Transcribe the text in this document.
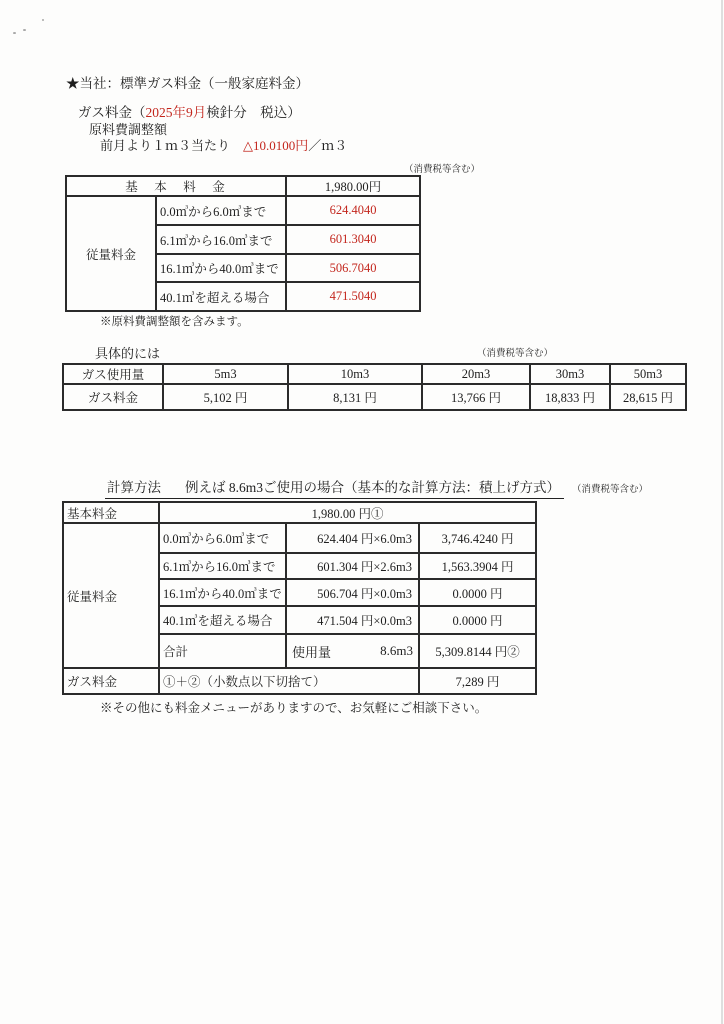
★当社：標準ガス料金（一般家庭料金）
ガス料金（2025年9月検針分　税込）
原料費調整額
前月より１ｍ３当たり　△10.0100円／ｍ３
（消費税等含む）
基　本　料　金		1,980.00円
従量料金	0.0㎥から6.0㎥まで	624.4040
	6.1㎥から16.0㎥まで	601.3040
	16.1㎥から40.0㎥まで	506.7040
	40.1㎥を超える場合	471.5040
※原料費調整額を含みます。
具体的には	（消費税等含む）
ガス使用量	5m3	10m3	20m3	30m3	50m3
ガス料金	5,102 円	8,131 円	13,766 円	18,833 円	28,615 円
計算方法 例えば 8.6m3ご使用の場合（基本的な計算方法：積上げ方式）	（消費税等含む）
基本料金	1,980.00 円①		
従量料金	0.0㎥から6.0㎥まで	624.404 円×6.0m3	3,746.4240 円
	6.1㎥から16.0㎥まで	601.304 円×2.6m3	1,563.3904 円
	16.1㎥から40.0㎥まで	506.704 円×0.0m3	0.0000 円
	40.1㎥を超える場合	471.504 円×0.0m3	0.0000 円
	合計	使用量 8.6m3	5,309.8144 円②
ガス料金	①＋②（小数点以下切捨て）		7,289 円
※その他にも料金メニューがありますので、お気軽にご相談下さい。
